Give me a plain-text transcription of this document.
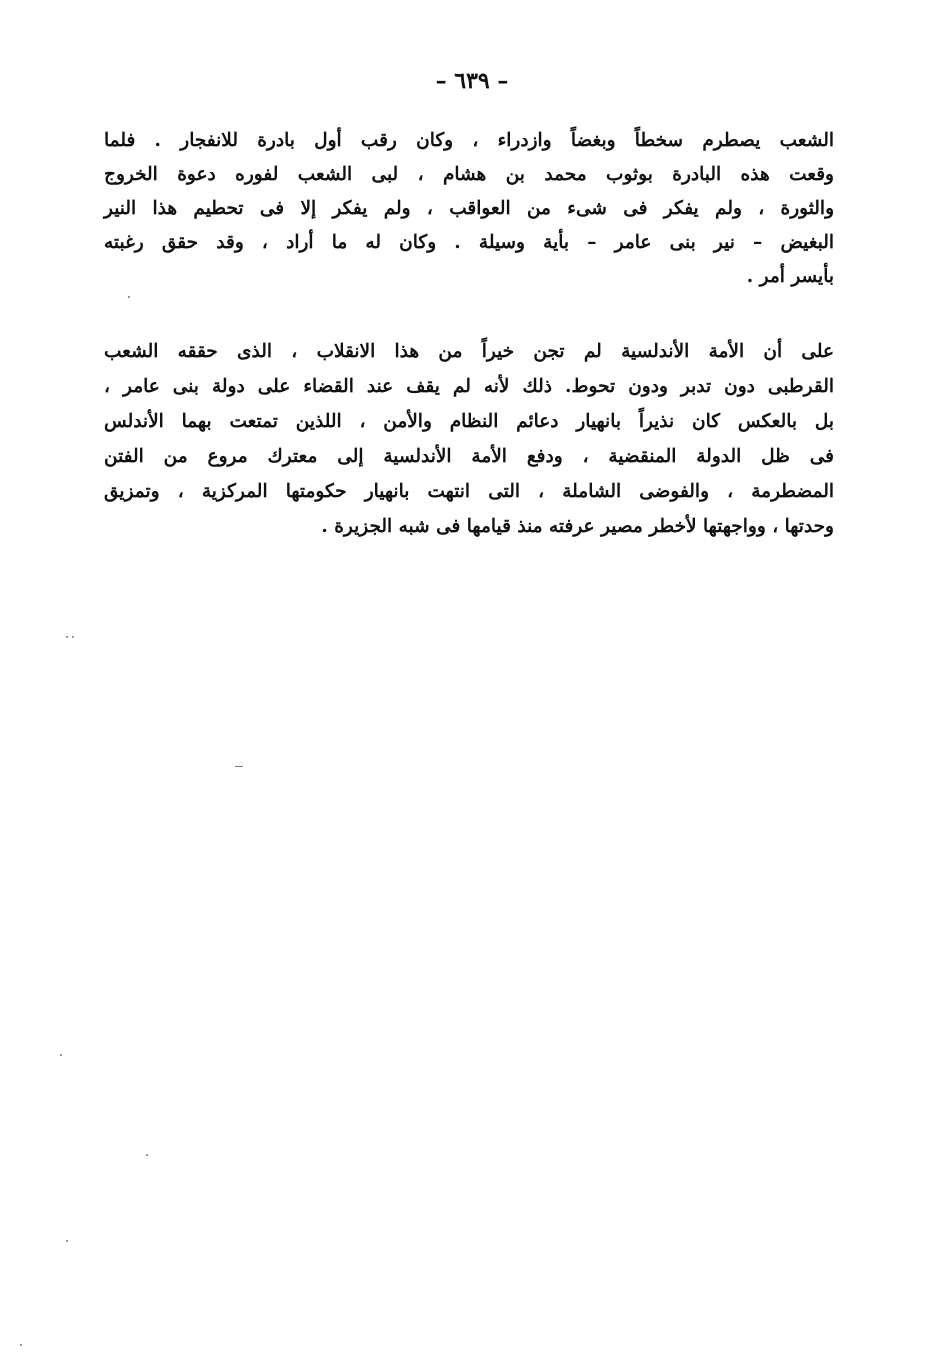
– ٦٣٩ –
الشعب يصطرم سخطاً وبغضاً وازدراء ، وكان رقب أول بادرة للانفجار . فلما
وقعت هذه البادرة بوثوب محمد بن هشام ، لبى الشعب لفوره دعوة الخروج
والثورة ، ولم يفكر فى شىء من العواقب ، ولم يفكر إلا فى تحطيم هذا النير
البغيض – نير بنى عامر – بأية وسيلة . وكان له ما أراد ، وقد حقق رغبته
بأيسر أمر .
على أن الأمة الأندلسية لم تجن خيراً من هذا الانقلاب ، الذى حققه الشعب
القرطبى دون تدبر ودون تحوط. ذلك لأنه لم يقف عند القضاء على دولة بنى عامر ،
بل بالعكس كان نذيراً بانهيار دعائم النظام والأمن ، اللذين تمتعت بهما الأندلس
فى ظل الدولة المنقضية ، ودفع الأمة الأندلسية إلى معترك مروع من الفتن
المضطرمة ، والفوضى الشاملة ، التى انتهت بانهيار حكومتها المركزية ، وتمزيق
وحدتها ، وواجهتها لأخطر مصير عرفته منذ قيامها فى شبه الجزيرة .
